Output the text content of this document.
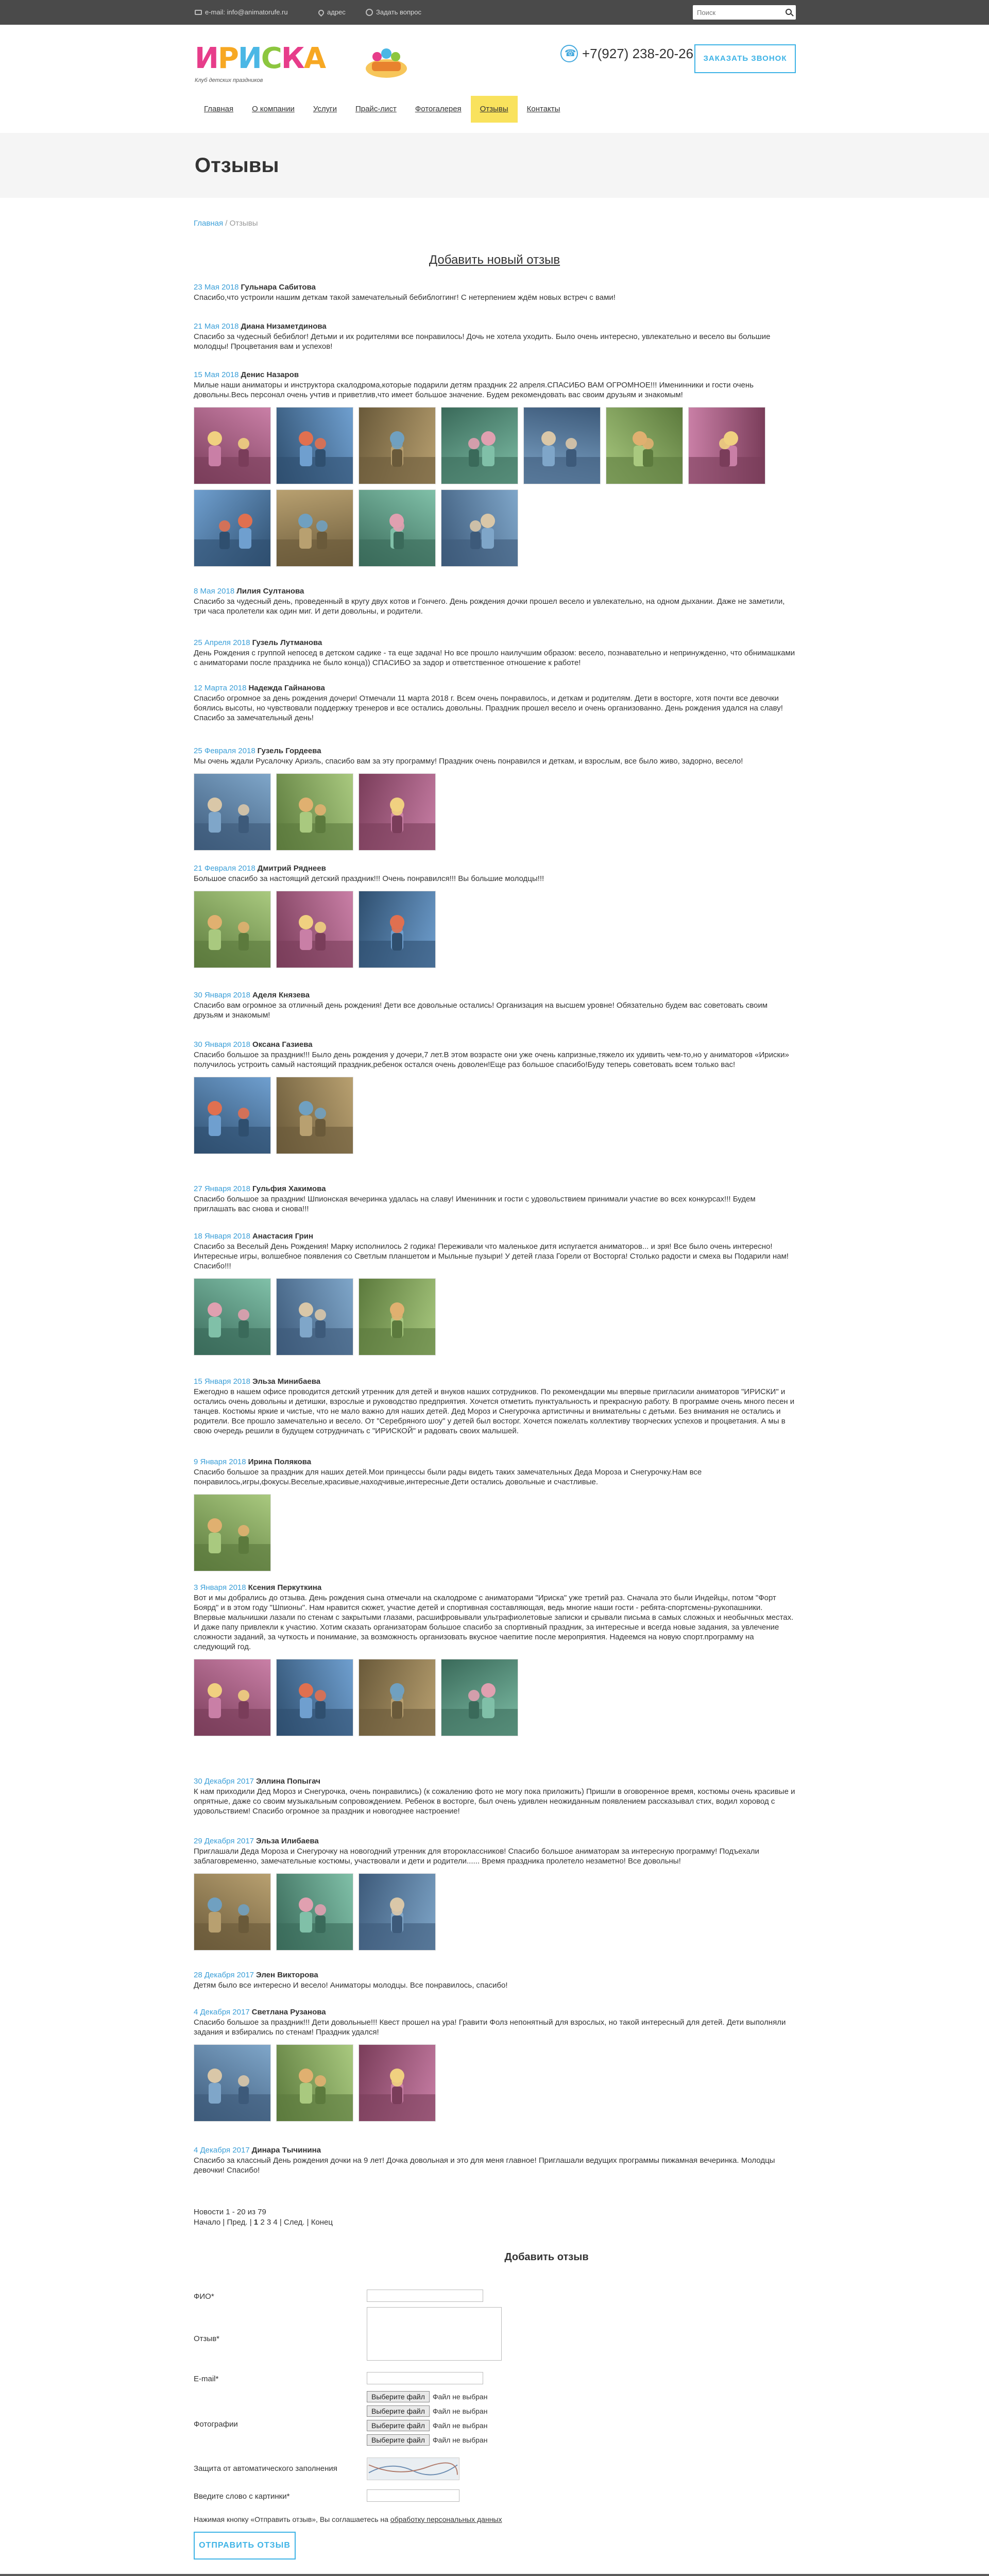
e-mail: info@animatorufe.ru	адрес	Задать вопрос
Поиск
ИРИСКА
Клуб детских праздников
☎
+7(927) 238-20-26	ЗАКАЗАТЬ ЗВОНОК
Главная	О компании	Услуги	Прайс-лист	Фотогалерея	Отзывы	Контакты
Отзывы
Главная / Отзывы
Добавить новый отзыв
23 Мая 2018 Гульнара Сабитова
Спасибо,что устроили нашим деткам такой замечательный бебиблоггинг! С нетерпением ждём новых встреч с вами!
21 Мая 2018 Диана Низаметдинова
Спасибо за чудесный бебиблог! Детьми и их родителями все понравилось! Дочь не хотела уходить. Было очень интересно, увлекательно и весело вы большие молодцы! Процветания вам и успехов!
15 Мая 2018 Денис Назаров
Милые наши аниматоры и инструктора скалодрома,которые подарили детям праздник 22 апреля.СПАСИБО ВАМ ОГРОМНОЕ!!! Именинники и гости очень довольны.Весь персонал очень учтив и приветлив,что имеет большое значение. Будем рекомендовать вас своим друзьям и знакомым!
8 Мая 2018 Лилия Султанова
Спасибо за чудесный день, проведенный в кругу двух котов и Гончего. День рождения дочки прошел весело и увлекательно, на одном дыхании. Даже не заметили, три часа пролетели как один миг. И дети довольны, и родители.
25 Апреля 2018 Гузель Лутманова
День Рождения с группой непосед в детском садике - та еще задача! Но все прошло наилучшим образом: весело, познавательно и непринужденно, что обнимашками с аниматорами после праздника не было конца)) СПАСИБО за задор и ответственное отношение к работе!
12 Марта 2018 Надежда Гайнанова
Спасибо огромное за день рождения дочери! Отмечали 11 марта 2018 г. Всем очень понравилось, и деткам и родителям. Дети в восторге, хотя почти все девочки боялись высоты, но чувствовали поддержку тренеров и все остались довольны. Праздник прошел весело и очень организованно. День рождения удался на славу! Спасибо за замечательный день!
25 Февраля 2018 Гузель Гордеева
Мы очень ждали Русалочку Ариэль, спасибо вам за эту программу! Праздник очень понравился и деткам, и взрослым, все было живо, задорно, весело!
21 Февраля 2018 Дмитрий Ряднеев
Большое спасибо за настоящий детский праздник!!! Очень понравился!!! Вы большие молодцы!!!
30 Января 2018 Аделя Князева
Спасибо вам огромное за отличный день рождения! Дети все довольные остались! Организация на высшем уровне! Обязательно будем вас советовать своим друзьям и знакомым!
30 Января 2018 Оксана Газиева
Спасибо большое за праздник!!! Было день рождения у дочери,7 лет.В этом возрасте они уже очень капризные,тяжело их удивить чем-то,но у аниматоров «Ириски» получилось устроить самый настоящий праздник,ребенок остался очень доволен!Еще раз большое спасибо!Буду теперь советовать всем только вас!
27 Января 2018 Гульфия Хакимова
Спасибо большое за праздник! Шпионская вечеринка удалась на славу! Именинник и гости с удовольствием принимали участие во всех конкурсах!!! Будем приглашать вас снова и снова!!!
18 Января 2018 Анастасия Грин
Спасибо за Веселый День Рождения! Марку исполнилось 2 годика! Переживали что маленькое дитя испугается аниматоров... и зря! Все было очень интересно! Интересные игры, волшебное появления со Светлым планшетом и Мыльные пузыри! У детей глаза Горели от Восторга! Столько радости и смеха вы Подарили нам! Спасибо!!!
15 Января 2018 Эльза Минибаева
Ежегодно в нашем офисе проводится детский утренник для детей и внуков наших сотрудников. По рекомендации мы впервые пригласили аниматоров "ИРИСКИ" и остались очень довольны и детишки, взрослые и руководство предприятия. Хочется отметить пунктуальность и прекрасную работу. В программе очень много песен и танцев. Костюмы яркие и чистые, что не мало важно для наших детей. Дед Мороз и Снегурочка артистичны и внимательны с детьми. Без внимания не остались и родители. Все прошло замечательно и весело. От "Серебряного шоу" у детей был восторг. Хочется пожелать коллективу творческих успехов и процветания. А мы в свою очередь решили в будущем сотрудничать с "ИРИСКОЙ" и радовать своих малышей.
9 Января 2018 Ирина Полякова
Спасибо большое за праздник для наших детей.Мои принцессы были рады видеть таких замечательных Деда Мороза и Снегурочку.Нам все понравилось,игры,фокусы.Веселые,красивые,находчивые,интересные.Дети остались довольные и счастливые.
3 Января 2018 Ксения Перкуткина
Вот и мы добрались до отзыва. День рождения сына отмечали на скалодроме с аниматорами "Ириска" уже третий раз. Сначала это были Индейцы, потом "Форт Боярд" и в этом году "Шпионы". Нам нравится сюжет, участие детей и спортивная составляющая, ведь многие наши гости - ребята-спортсмены-рукопашники. Впервые мальчишки лазали по стенам с закрытыми глазами, расшифровывали ультрафиолетовые записки и срывали письма в самых сложных и необычных местах. И даже папу привлекли к участию. Хотим сказать организаторам большое спасибо за спортивный праздник, за интересные и всегда новые задания, за увлечение сложности заданий, за чуткость и понимание, за возможность организовать вкусное чаепитие после мероприятия. Надеемся на новую спорт.программу на следующий год.
30 Декабря 2017 Эллина Попыгач
К нам приходили Дед Мороз и Снегурочка, очень понравились) (к сожалению фото не могу пока приложить) Пришли в оговоренное время, костюмы очень красивые и опрятные, даже со своим музыкальным сопровождением. Ребенок в восторге, был очень удивлен неожиданным появлением рассказывал стих, водил хоровод с удовольствием! Спасибо огромное за праздник и новогоднее настроение!
29 Декабря 2017 Эльза Илибаева
Приглашали Деда Мороза и Снегурочку на новогодний утренник для второклассников! Спасибо большое аниматорам за интересную программу! Подъехали заблаговременно, замечательные костюмы, участвовали и дети и родители...... Время праздника пролетело незаметно! Все довольны!
28 Декабря 2017 Элен Викторова
Детям было все интересно И весело! Аниматоры молодцы. Все понравилось, спасибо!
4 Декабря 2017 Светлана Рузанова
Спасибо большое за праздник!!! Дети довольные!!! Квест прошел на ура! Гравити Фолз непонятный для взрослых, но такой интересный для детей. Дети выполняли задания и взбирались по стенам! Праздник удался!
4 Декабря 2017 Динара Тычинина
Спасибо за классный День рождения дочки на 9 лет! Дочка довольная и это для меня главное! Приглашали ведущих программы пижамная вечеринка. Молодцы девочки! Спасибо!
Новости 1 - 20 из 79
Начало | Пред. | 1 2 3 4 | След. | Конец
Добавить отзыв
ФИО*
Отзыв*
E-mail*
Фотографии
Выберите файл	Файл не выбран
Выберите файл	Файл не выбран
Выберите файл	Файл не выбран
Выберите файл	Файл не выбран
Защита от автоматического заполнения
Введите слово с картинки*
Нажимая кнопку «Отправить отзыв», Вы соглашаетесь на обработку персональных данных
ОТПРАВИТЬ ОТЗЫВ
